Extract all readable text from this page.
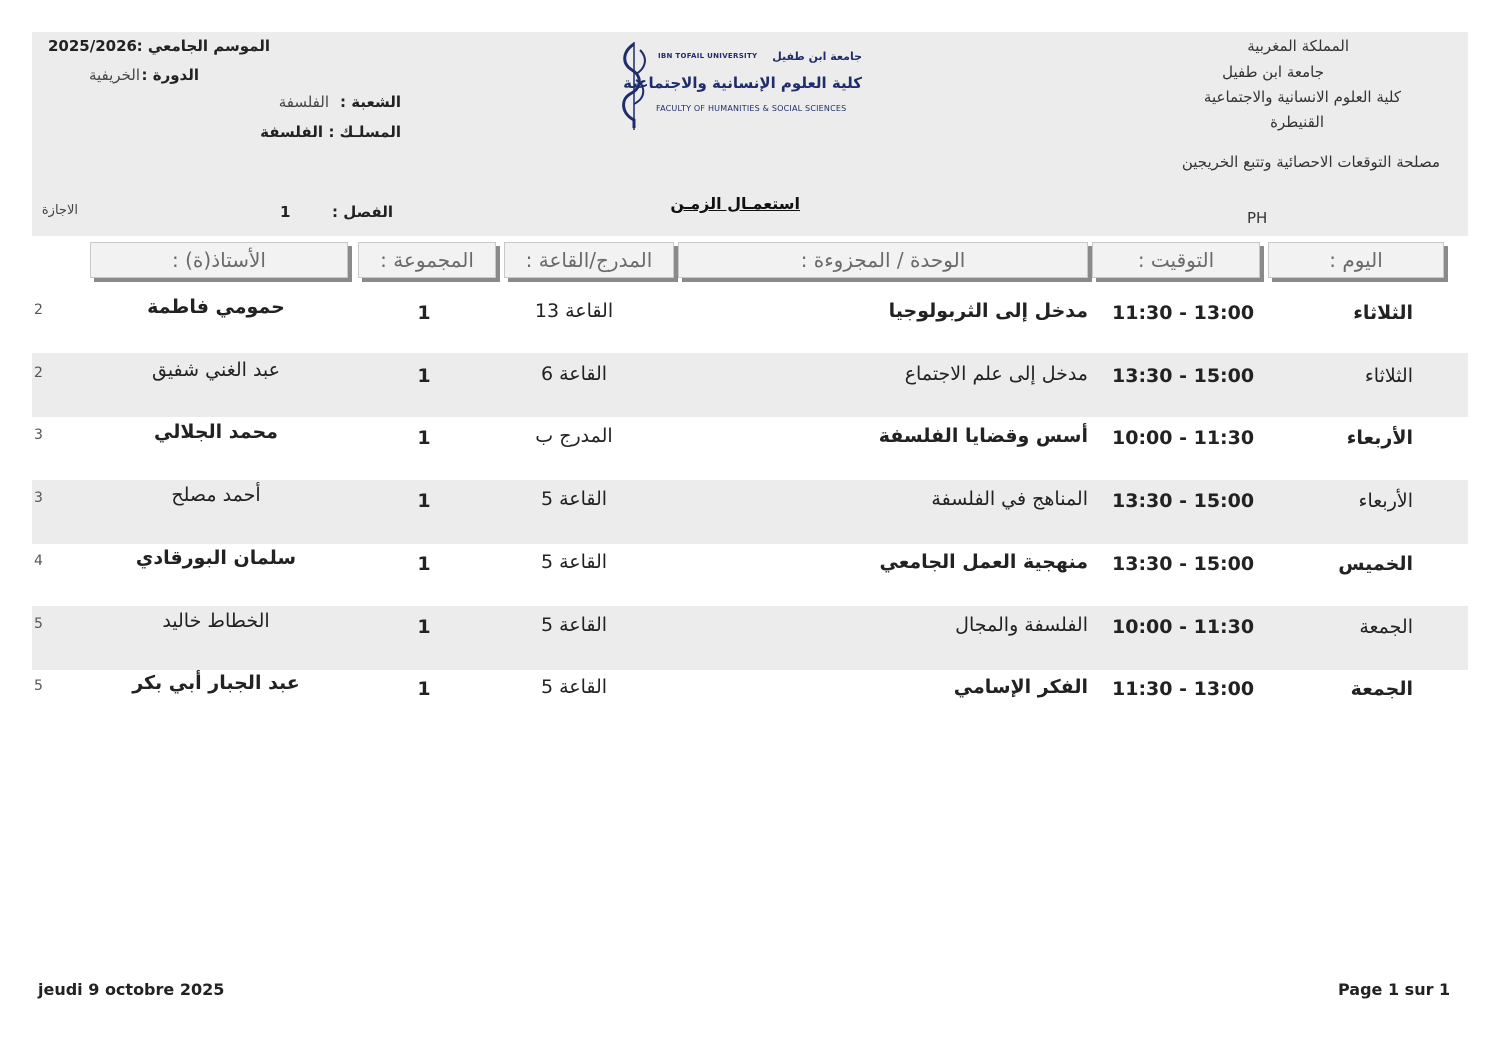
المملكة المغربية
جامعة ابن طفيل
كلية العلوم الانسانية والاجتماعية
القنيطرة
مصلحة التوقعات الاحصائية وتتبع الخريجين
PH
IBN TOFAIL UNIVERSITY جامعة ابن طفيل
كلية العلوم الإنسانية والاجتماعية
FACULTY OF HUMANITIES & SOCIAL SCIENCES
الموسم الجامعي :
2025/2026
الدورة :
الخريفية
الشعبة :
الفلسفة
المسلـك :
الفلسفة
الفصل :
1
الاجازة	استعمـال الزمـن
اليوم :
التوقيت :
الوحدة / المجزوءة :
المدرج/القاعة :
المجموعة :
الأستاذ(ة) :
الثلاثاء
11:30 - 13:00
مدخل إلى الثربولوجيا
القاعة 13
1
حمومي فاطمة
2
الثلاثاء
13:30 - 15:00
مدخل إلى علم الاجتماع
القاعة 6
1
عبد الغني شفيق
2
الأربعاء
10:00 - 11:30
أسس وقضايا الفلسفة
المدرج ب
1
محمد الجلالي
3
الأربعاء
13:30 - 15:00
المناهج في الفلسفة
القاعة 5
1
أحمد مصلح
3
الخميس
13:30 - 15:00
منهجية العمل الجامعي
القاعة 5
1
سلمان البورقادي
4
الجمعة
10:00 - 11:30
الفلسفة والمجال
القاعة 5
1
الخطاط خاليد
5
الجمعة
11:30 - 13:00
الفكر الإسامي
القاعة 5
1
عبد الجبار أبي بكر
5
jeudi 9 octobre 2025	Page 1 sur 1
